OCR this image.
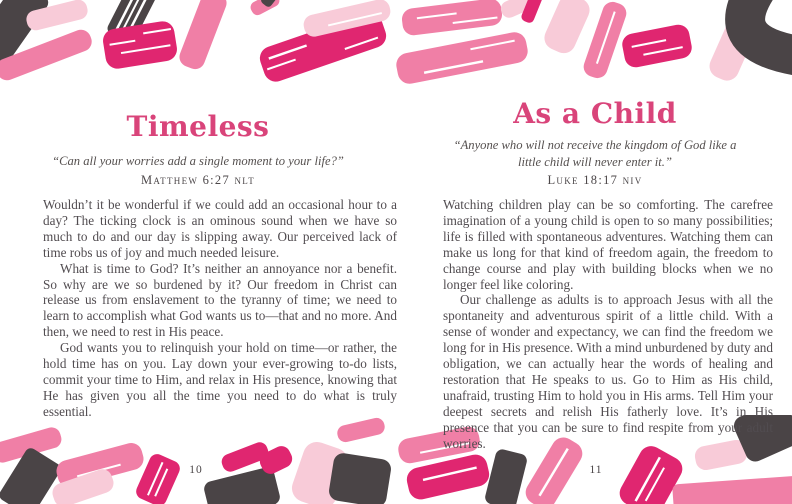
Timeless
“Can all your worries add a single moment to your life?”
Matthew 6:27 nlt

Wouldn’t it be wonderful if we could add an occasional hour to a day? The ticking clock is an ominous sound when we have so much to do and our day is slipping away. Our perceived lack of time robs us of joy and much needed leisure.

What is time to God? It’s neither an annoyance nor a benefit. So why are we so burdened by it? Our freedom in Christ can release us from enslavement to the tyranny of time; we need to learn to accomplish what God wants us to—that and no more. And then, we need to rest in His peace.

God wants you to relinquish your hold on time—or rather, the hold time has on you. Lay down your ever-growing to-do lists, commit your time to Him, and relax in His presence, knowing that He has given you all the time you need to do what is truly essential.

10
As a Child
“Anyone who will not receive the kingdom of God like a little child will never enter it.”
Luke 18:17 niv

Watching children play can be so comforting. The carefree imagination of a young child is open to so many possibilities; life is filled with spontaneous adventures. Watching them can make us long for that kind of freedom again, the freedom to change course and play with building blocks when we no longer feel like coloring.

Our challenge as adults is to approach Jesus with all the spontaneity and adventurous spirit of a little child. With a sense of wonder and expectancy, we can find the freedom we long for in His presence. With a mind unburdened by duty and obligation, we can actually hear the words of healing and restoration that He speaks to us. Go to Him as His child, unafraid, trusting Him to hold you in His arms. Tell Him your deepest secrets and relish His fatherly love. It’s in His presence that you can be sure to find respite from your adult worries.

11
